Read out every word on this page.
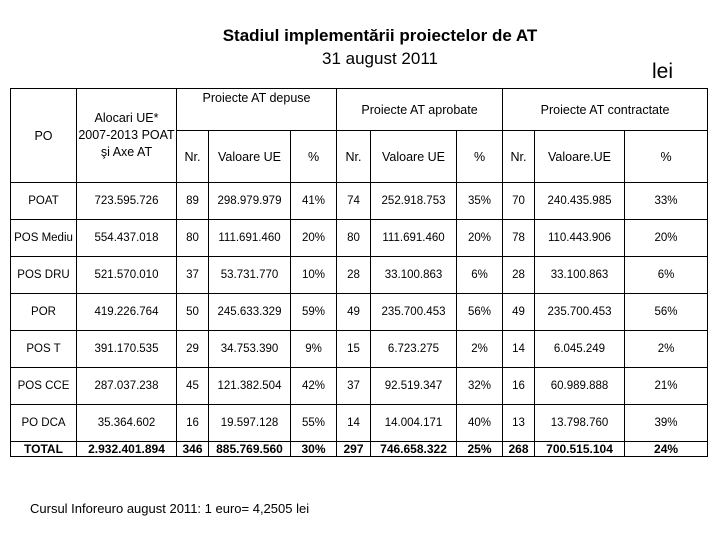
Stadiul implementării proiectelor de AT
31 august 2011
lei
PO	Alocari UE* 2007-2013 POAT şi Axe AT	Proiecte AT depuse			Proiecte AT aprobate			Proiecte AT contractate		
		Nr.	Valoare UE	%	Nr.	Valoare UE	%	Nr.	Valoare.UE	%
POAT	723.595.726	89	298.979.979	41%	74	252.918.753	35%	70	240.435.985	33%
POS Mediu	554.437.018	80	111.691.460	20%	80	111.691.460	20%	78	110.443.906	20%
POS DRU	521.570.010	37	53.731.770	10%	28	33.100.863	6%	28	33.100.863	6%
POR	419.226.764	50	245.633.329	59%	49	235.700.453	56%	49	235.700.453	56%
POS T	391.170.535	29	34.753.390	9%	15	6.723.275	2%	14	6.045.249	2%
POS CCE	287.037.238	45	121.382.504	42%	37	92.519.347	32%	16	60.989.888	21%
PO DCA	35.364.602	16	19.597.128	55%	14	14.004.171	40%	13	13.798.760	39%
TOTAL	2.932.401.894	346	885.769.560	30%	297	746.658.322	25%	268	700.515.104	24%
Cursul Inforeuro august 2011: 1 euro= 4,2505 lei
